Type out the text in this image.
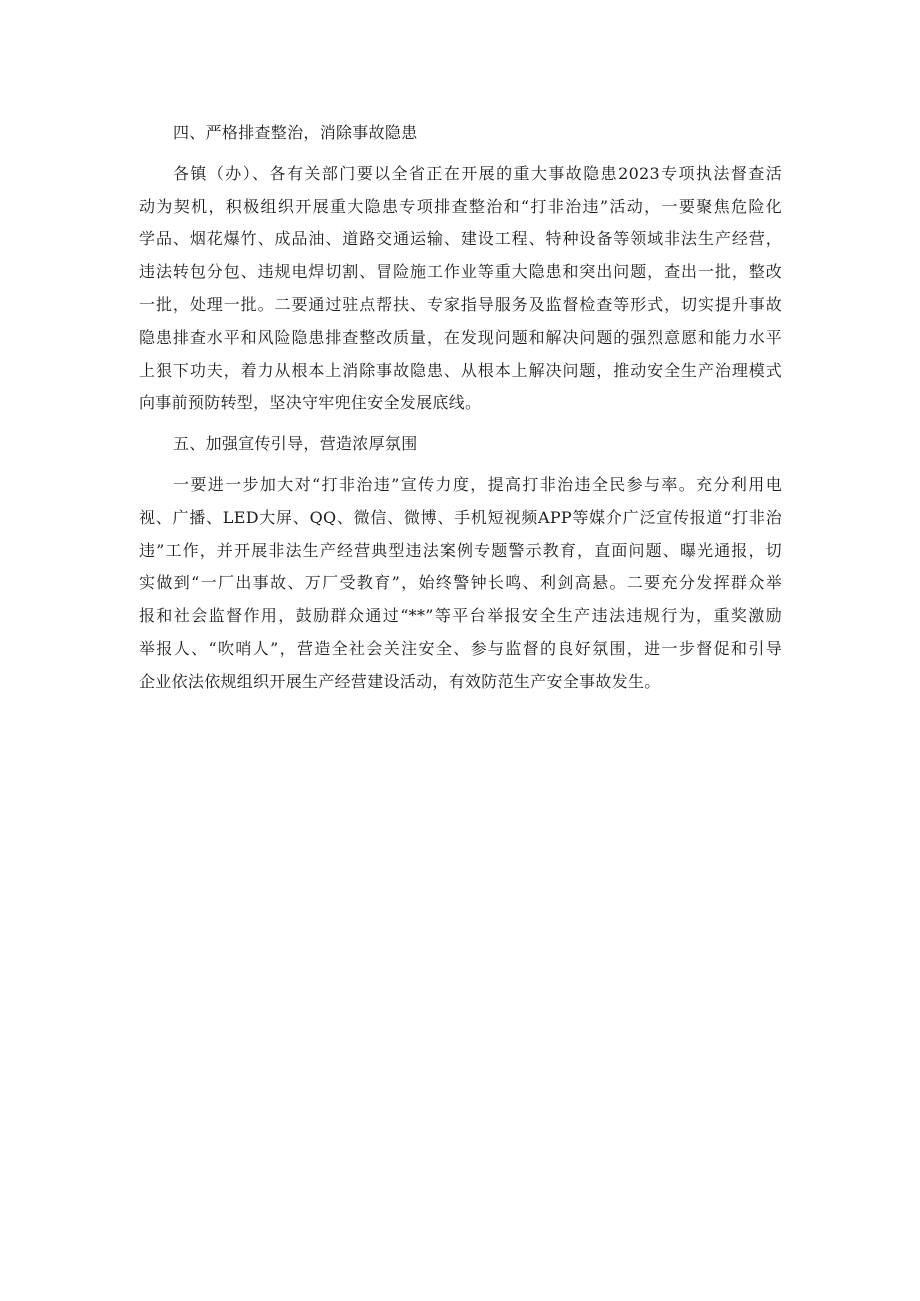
四、严格排查整治，消除事故隐患
各镇（办）、各有关部门要以全省正在开展的重大事故隐患2023专项执法督查活
动为契机，积极组织开展重大隐患专项排查整治和“打非治违”活动，一要聚焦危险化
学品、烟花爆竹、成品油、道路交通运输、建设工程、特种设备等领域非法生产经营，
违法转包分包、违规电焊切割、冒险施工作业等重大隐患和突出问题，查出一批，整改
一批，处理一批。二要通过驻点帮扶、专家指导服务及监督检查等形式，切实提升事故
隐患排查水平和风险隐患排查整改质量，在发现问题和解决问题的强烈意愿和能力水平
上狠下功夫，着力从根本上消除事故隐患、从根本上解决问题，推动安全生产治理模式
向事前预防转型，坚决守牢兜住安全发展底线。
五、加强宣传引导，营造浓厚氛围
一要进一步加大对“打非治违”宣传力度，提高打非治违全民参与率。充分利用电
视、广播、LED大屏、QQ、微信、微博、手机短视频APP等媒介广泛宣传报道“打非治
违”工作，并开展非法生产经营典型违法案例专题警示教育，直面问题、曝光通报，切
实做到“一厂出事故、万厂受教育”，始终警钟长鸣、利剑高悬。二要充分发挥群众举
报和社会监督作用，鼓励群众通过“**”等平台举报安全生产违法违规行为，重奖激励
举报人、“吹哨人”，营造全社会关注安全、参与监督的良好氛围，进一步督促和引导
企业依法依规组织开展生产经营建设活动，有效防范生产安全事故发生。
